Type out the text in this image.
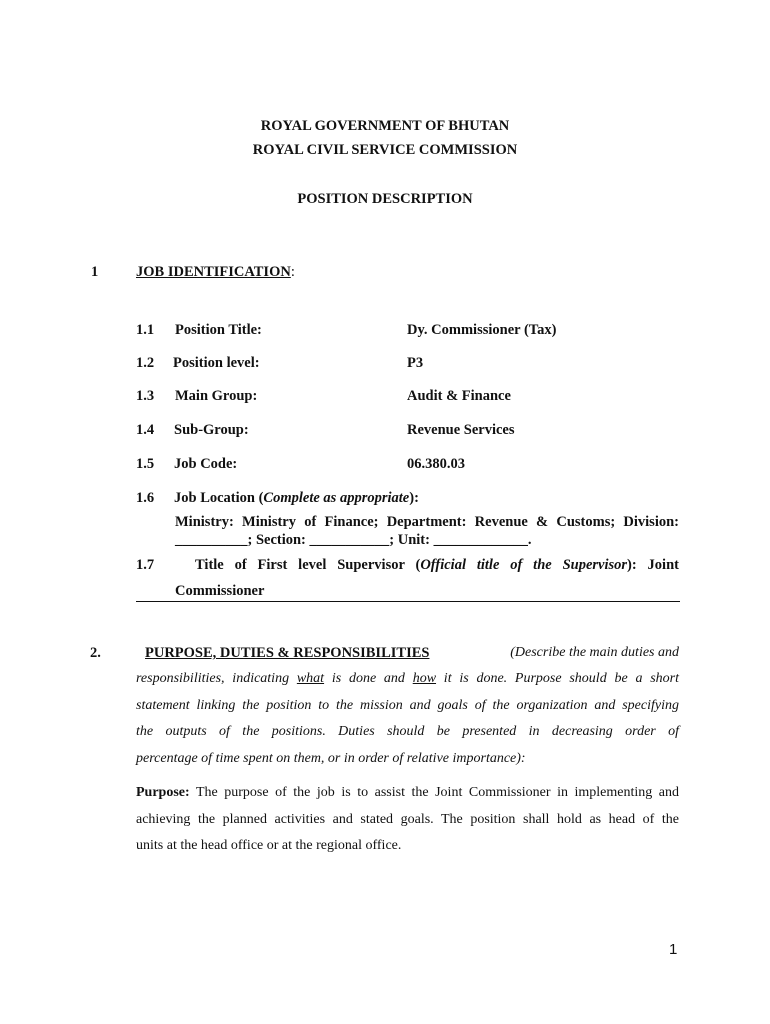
ROYAL GOVERNMENT OF BHUTAN
ROYAL CIVIL SERVICE COMMISSION
POSITION DESCRIPTION
1	JOB IDENTIFICATION:
1.1 Position Title:	Dy. Commissioner (Tax)
1.2 Position level:	P3
1.3 Main Group:	Audit & Finance
1.4 Sub-Group:	Revenue Services
1.5 Job Code:	06.380.03
1.6 Job Location (Complete as appropriate):
Ministry: Ministry of Finance; Department: Revenue & Customs; Division:
__________; Section: ___________; Unit: _____________.
1.7	Title of First level Supervisor (Official title of the Supervisor): Joint
Commissioner
2.	PURPOSE, DUTIES & RESPONSIBILITIES	(Describe the main duties and
responsibilities, indicating what is done and how it is done. Purpose should be a short
statement linking the position to the mission and goals of the organization and specifying
the outputs of the positions. Duties should be presented in decreasing order of
percentage of time spent on them, or in order of relative importance):
Purpose: The purpose of the job is to assist the Joint Commissioner in implementing and
achieving the planned activities and stated goals. The position shall hold as head of the
units at the head office or at the regional office.
1
